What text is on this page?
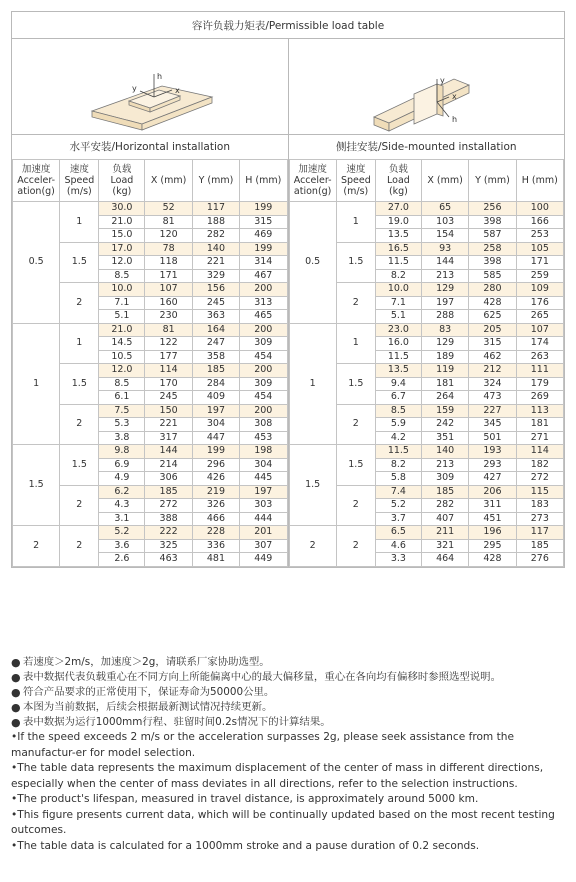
容许负载力矩表/Permissible load table
h
y	x
y
x
h
水平安装/Horizontal installation					
加速度
Acceler-
ation(g)	速度
Speed
(m/s)	负载
Load
(kg)	X (mm)	Y (mm)	H (mm)
0.5	1	30.0	52	117	199
		21.0	81	188	315
		15.0	120	282	469
	1.5	17.0	78	140	199
		12.0	118	221	314
		8.5	171	329	467
	2	10.0	107	156	200
		7.1	160	245	313
		5.1	230	363	465
1	1	21.0	81	164	200
		14.5	122	247	309
		10.5	177	358	454
	1.5	12.0	114	185	200
		8.5	170	284	309
		6.1	245	409	454
	2	7.5	150	197	200
		5.3	221	304	308
		3.8	317	447	453
1.5	1.5	9.8	144	199	198
		6.9	214	296	304
		4.9	306	426	445
	2	6.2	185	219	197
		4.3	272	326	303
		3.1	388	466	444
2	2	5.2	222	228	201
		3.6	325	336	307
		2.6	463	481	449
侧挂安装/Side-mounted installation					
加速度
Acceler-
ation(g)	速度
Speed
(m/s)	负载
Load
(kg)	X (mm)	Y (mm)	H (mm)
0.5	1	27.0	65	256	100
		19.0	103	398	166
		13.5	154	587	253
	1.5	16.5	93	258	105
		11.5	144	398	171
		8.2	213	585	259
	2	10.0	129	280	109
		7.1	197	428	176
		5.1	288	625	265
1	1	23.0	83	205	107
		16.0	129	315	174
		11.5	189	462	263
	1.5	13.5	119	212	111
		9.4	181	324	179
		6.7	264	473	269
	2	8.5	159	227	113
		5.9	242	345	181
		4.2	351	501	271
1.5	1.5	11.5	140	193	114
		8.2	213	293	182
		5.8	309	427	272
	2	7.4	185	206	115
		5.2	282	311	183
		3.7	407	451	273
2	2	6.5	211	196	117
		4.6	321	295	185
		3.3	464	428	276
● 若速度＞2m/s，加速度＞2g，请联系厂家协助选型。
● 表中数据代表负载重心在不同方向上所能偏离中心的最大偏移量，重心在各向均有偏移时参照选型说明。
● 符合产品要求的正常使用下，保证寿命为50000公里。
● 本图为当前数据，后续会根据最新测试情况持续更新。
● 表中数据为运行1000mm行程、驻留时间0.2s情况下的计算结果。
•If the speed exceeds 2 m/s or the acceleration surpasses 2g, please seek assistance from the manufactur-er for model selection.
•The table data represents the maximum displacement of the center of mass in different directions, especially when the center of mass deviates in all directions, refer to the selection instructions.
•The product's lifespan, measured in travel distance, is approximately around 5000 km.
•This figure presents current data, which will be continually updated based on the most recent testing outcomes.
•The table data is calculated for a 1000mm stroke and a pause duration of 0.2 seconds.
